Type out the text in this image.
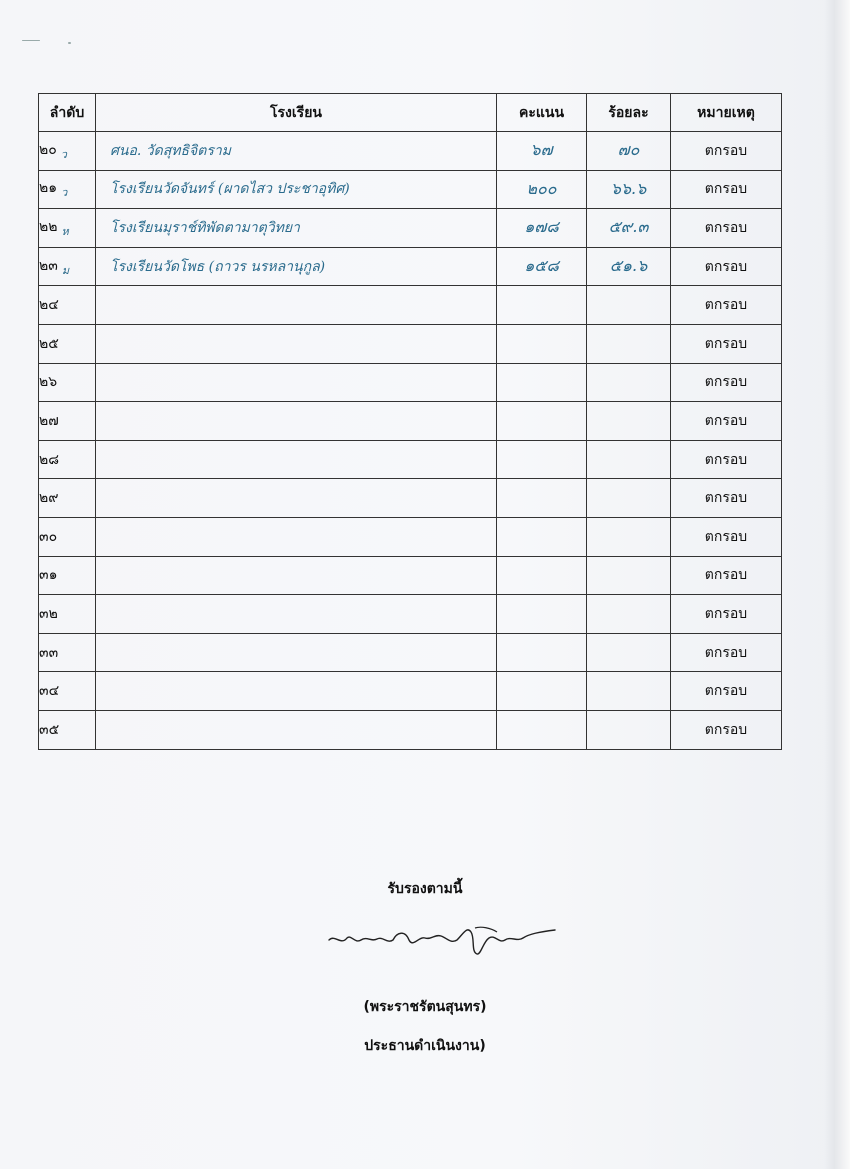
ลำดับ	โรงเรียน	คะแนน	ร้อยละ	หมายเหตุ
๒๐ $_ว$	ศนอ. วัดสุทธิจิตราม	๖๗	๗๐	ตกรอบ
๒๑ $_ว$	โรงเรียนวัดจันทร์ (ผาดไสว ประชาอุทิศ)	๒๐๐	๖๖.๖	ตกรอบ
๒๒ $_ห$	โรงเรียนมุราช์ทิพัดตามาตุวิทยา	๑๗๘	๕๙.๓	ตกรอบ
๒๓ $_ม$	โรงเรียนวัดโพธ (ถาวร นรหลานุกูล)	๑๕๘	๕๑.๖	ตกรอบ
๒๔				ตกรอบ
๒๕				ตกรอบ
๒๖				ตกรอบ
๒๗				ตกรอบ
๒๘				ตกรอบ
๒๙				ตกรอบ
๓๐				ตกรอบ
๓๑				ตกรอบ
๓๒				ตกรอบ
๓๓				ตกรอบ
๓๔				ตกรอบ
๓๕				ตกรอบ
รับรองตามนี้
(พระราชรัตนสุนทร)
ประธานดำเนินงาน)
